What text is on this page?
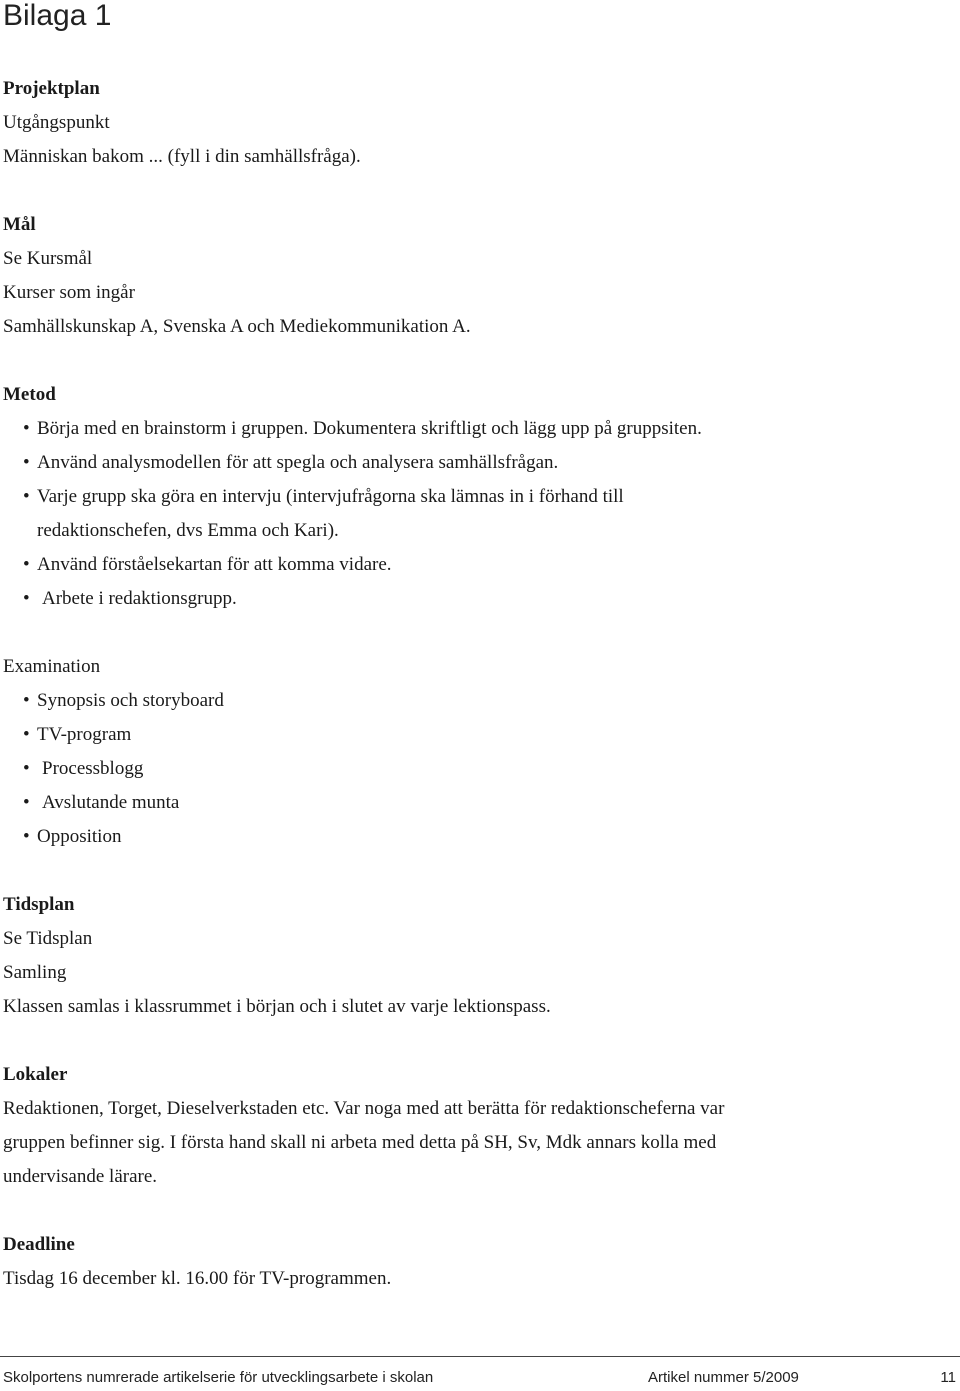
Bilaga 1
Projektplan
Utgångspunkt
Människan bakom ... (fyll i din samhällsfråga).
Mål
Se Kursmål
Kurser som ingår
Samhällskunskap A, Svenska A och Mediekommunikation A.
Metod
• Börja med en brainstorm i gruppen. Dokumentera skriftligt och lägg upp på gruppsiten.
• Använd analysmodellen för att spegla och analysera samhällsfrågan.
• Varje grupp ska göra en intervju (intervjufrågorna ska lämnas in i förhand till
redaktionschefen, dvs Emma och Kari).
• Använd förståelsekartan för att komma vidare.
• Arbete i redaktionsgrupp.
Examination
• Synopsis och storyboard
• TV-program
• Processblogg
• Avslutande munta
• Opposition
Tidsplan
Se Tidsplan
Samling
Klassen samlas i klassrummet i början och i slutet av varje lektionspass.
Lokaler
Redaktionen, Torget, Dieselverkstaden etc. Var noga med att berätta för redaktionscheferna var
gruppen befinner sig. I första hand skall ni arbeta med detta på SH, Sv, Mdk annars kolla med
undervisande lärare.
Deadline
Tisdag 16 december kl. 16.00 för TV-programmen.
Skolportens numrerade artikelserie för utvecklingsarbete i skolan	Artikel nummer 5/2009	11
